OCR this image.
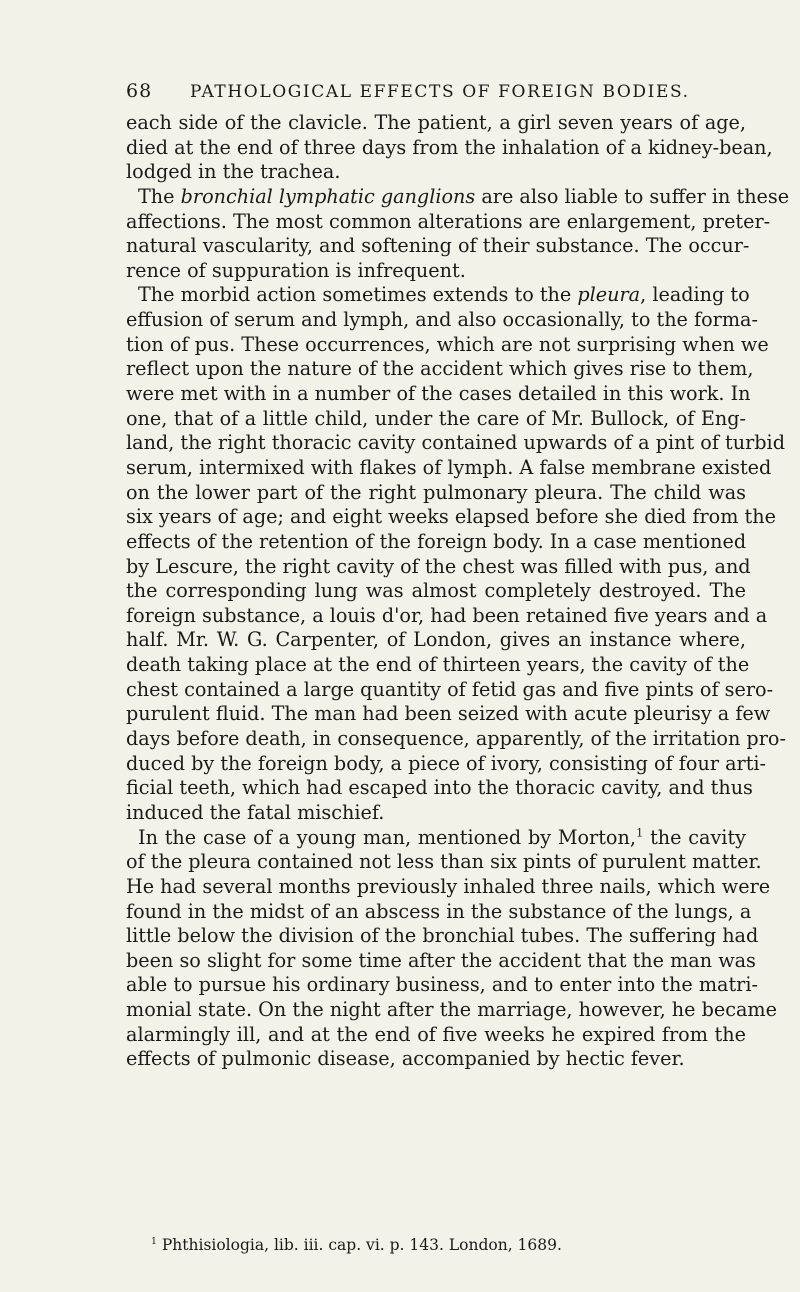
68 PATHOLOGICAL EFFECTS OF FOREIGN BODIES.
each side of the clavicle. The patient, a girl seven years of age,
died at the end of three days from the inhalation of a kidney-bean,
lodged in the trachea.
The bronchial lymphatic ganglions are also liable to suffer in these
affections. The most common alterations are enlargement, preter-
natural vascularity, and softening of their substance. The occur-
rence of suppuration is infrequent.
The morbid action sometimes extends to the pleura, leading to
effusion of serum and lymph, and also occasionally, to the forma-
tion of pus. These occurrences, which are not surprising when we
reflect upon the nature of the accident which gives rise to them,
were met with in a number of the cases detailed in this work. In
one, that of a little child, under the care of Mr. Bullock, of Eng-
land, the right thoracic cavity contained upwards of a pint of turbid
serum, intermixed with flakes of lymph. A false membrane existed
on the lower part of the right pulmonary pleura. The child was
six years of age; and eight weeks elapsed before she died from the
effects of the retention of the foreign body. In a case mentioned
by Lescure, the right cavity of the chest was filled with pus, and
the corresponding lung was almost completely destroyed. The
foreign substance, a louis d'or, had been retained five years and a
half. Mr. W. G. Carpenter, of London, gives an instance where,
death taking place at the end of thirteen years, the cavity of the
chest contained a large quantity of fetid gas and five pints of sero-
purulent fluid. The man had been seized with acute pleurisy a few
days before death, in consequence, apparently, of the irritation pro-
duced by the foreign body, a piece of ivory, consisting of four arti-
ficial teeth, which had escaped into the thoracic cavity, and thus
induced the fatal mischief.
In the case of a young man, mentioned by Morton,$^1$ the cavity
of the pleura contained not less than six pints of purulent matter.
He had several months previously inhaled three nails, which were
found in the midst of an abscess in the substance of the lungs, a
little below the division of the bronchial tubes. The suffering had
been so slight for some time after the accident that the man was
able to pursue his ordinary business, and to enter into the matri-
monial state. On the night after the marriage, however, he became
alarmingly ill, and at the end of five weeks he expired from the
effects of pulmonic disease, accompanied by hectic fever.
$^1$ Phthisiologia, lib. iii. cap. vi. p. 143. London, 1689.
